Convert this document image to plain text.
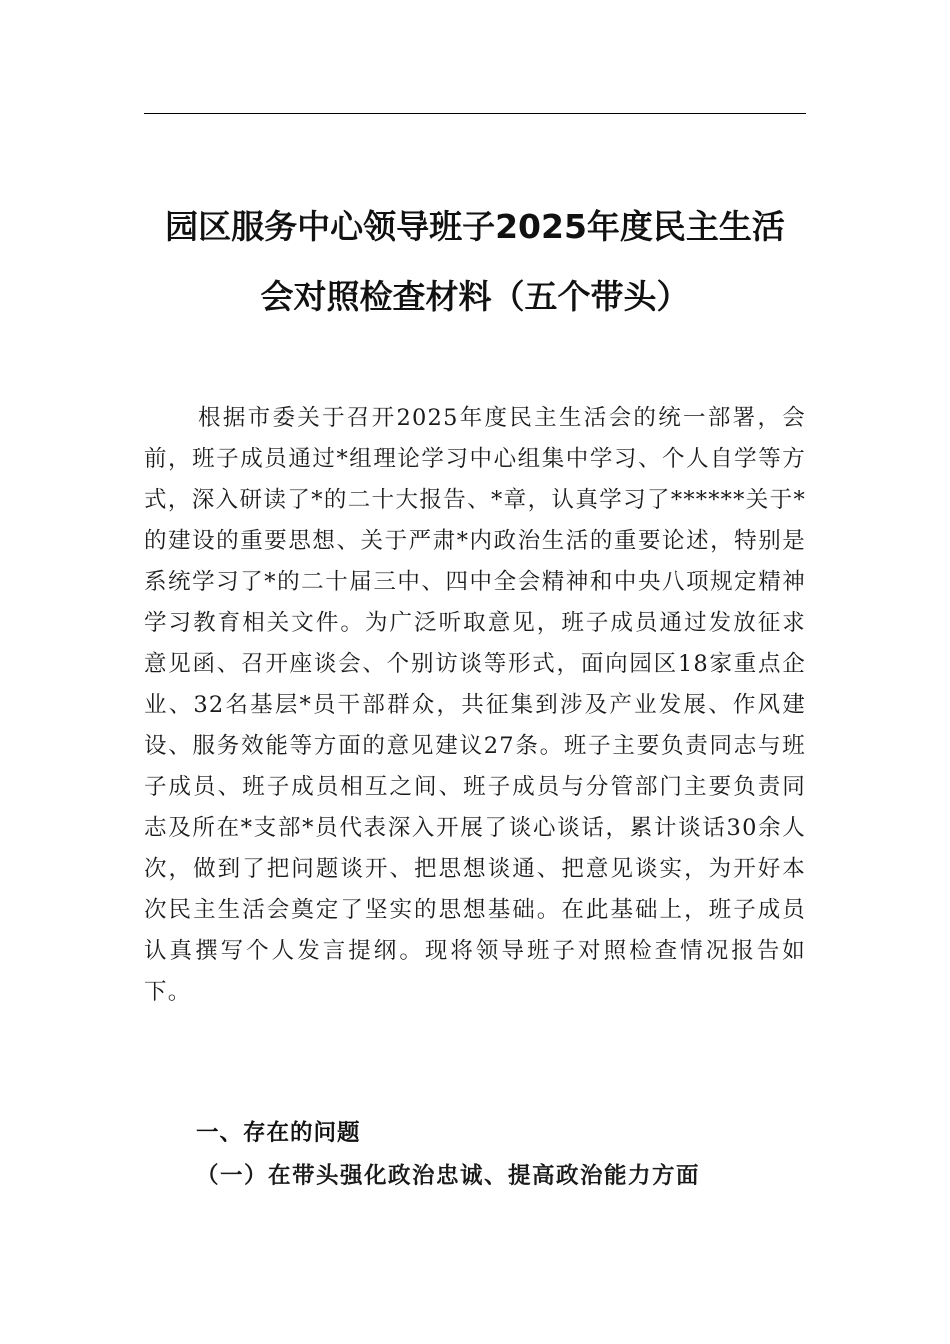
园区服务中心领导班子2025年度民主生活
会对照检查材料（五个带头）

根据市委关于召开2025年度民主生活会的统一部署，会前，班子成员通过*组理论学习中心组集中学习、个人自学等方式，深入研读了*的二十大报告、*章，认真学习了******关于*的建设的重要思想、关于严肃*内政治生活的重要论述，特别是系统学习了*的二十届三中、四中全会精神和中央八项规定精神学习教育相关文件。为广泛听取意见，班子成员通过发放征求意见函、召开座谈会、个别访谈等形式，面向园区18家重点企业、32名基层*员干部群众，共征集到涉及产业发展、作风建设、服务效能等方面的意见建议27条。班子主要负责同志与班子成员、班子成员相互之间、班子成员与分管部门主要负责同志及所在*支部*员代表深入开展了谈心谈话，累计谈话30余人次，做到了把问题谈开、把思想谈通、把意见谈实，为开好本次民主生活会奠定了坚实的思想基础。在此基础上，班子成员认真撰写个人发言提纲。现将领导班子对照检查情况报告如下。

一、存在的问题
（一）在带头强化政治忠诚、提高政治能力方面
